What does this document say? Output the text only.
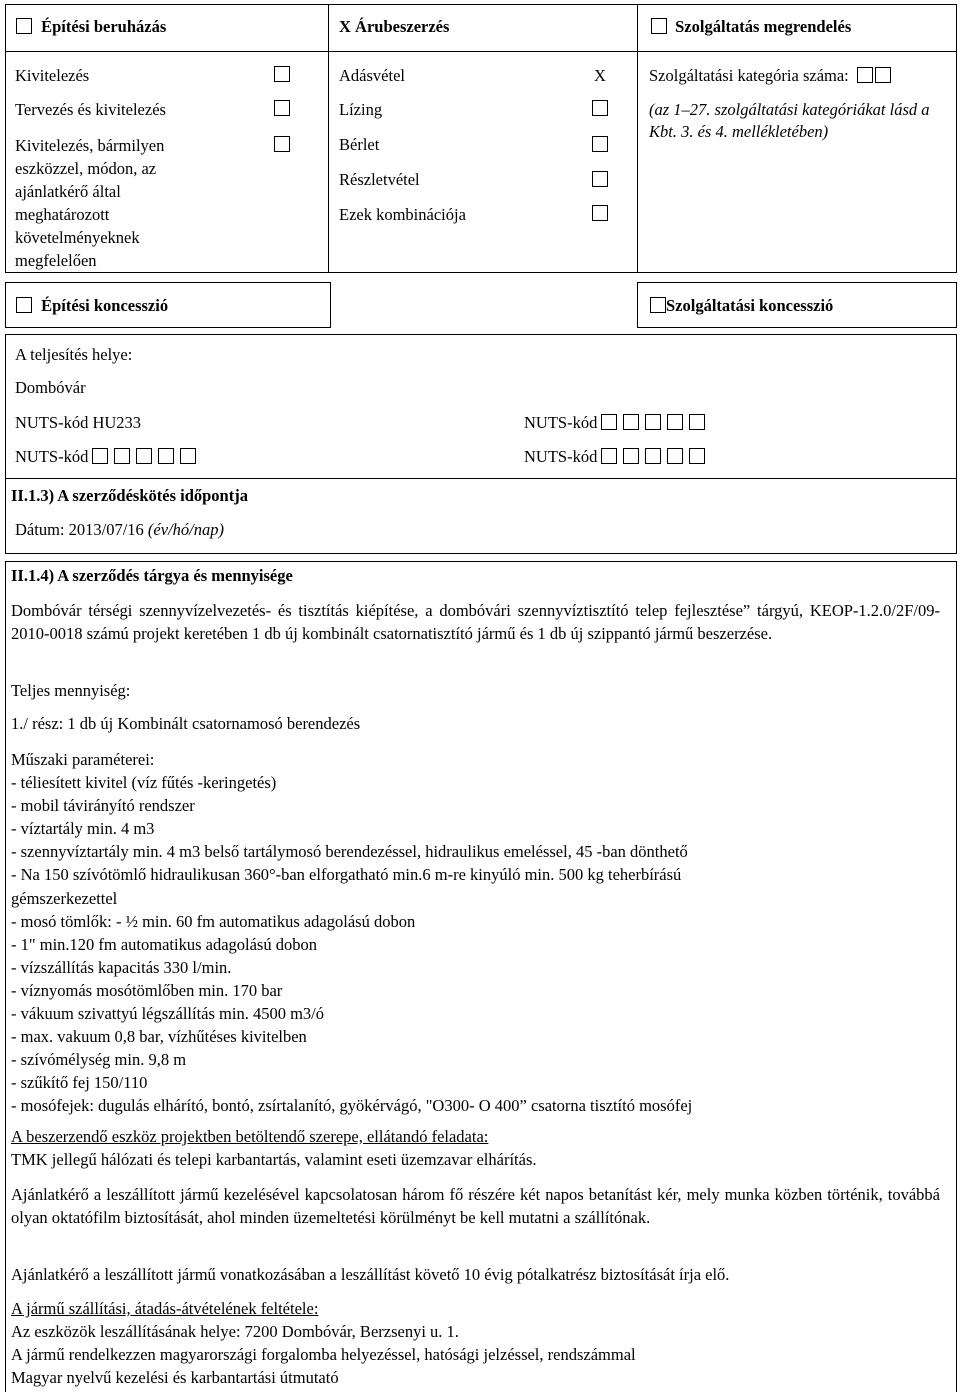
Építési beruházás	X Árubeszerzés	Szolgáltatás megrendelés
Kivitelezés
Tervezés és kivitelezés
Kivitelezés, bármilyen eszközzel, módon, az ajánlatkérő által meghatározott követelményeknek megfelelően
Adásvétel	X
Lízing
Bérlet
Részletvétel
Ezek kombinációja
Szolgáltatási kategória száma:
(az 1–27. szolgáltatási kategóriákat lásd a Kbt. 3. és 4. mellékletében)
Építési koncesszió	Szolgáltatási koncesszió
A teljesítés helye:
Dombóvár
NUTS-kód HU233
NUTS-kód
NUTS-kód
NUTS-kód
II.1.3) A szerződéskötés időpontja
Dátum: 2013/07/16 (év/hó/nap)
II.1.4) A szerződés tárgya és mennyisége
Dombóvár térségi szennyvízelvezetés- és tisztítás kiépítése, a dombóvári szennyvíztisztító telep fejlesztése” tárgyú, KEOP-1.2.0/2F/09-2010-0018 számú projekt keretében 1 db új kombinált csatornatisztító jármű és 1 db új szippantó jármű beszerzése.
Teljes mennyiség:
1./ rész: 1 db új Kombinált csatornamosó berendezés
Műszaki paraméterei:
- téliesített kivitel (víz fűtés -keringetés)
- mobil távirányító rendszer
- víztartály min. 4 m3
- szennyvíztartály min. 4 m3 belső tartálymosó berendezéssel, hidraulikus emeléssel, 45 -ban dönthető
- Na 150 szívótömlő hidraulikusan 360°-ban elforgatható min.6 m-re kinyúló min. 500 kg teherbírású
gémszerkezettel
- mosó tömlők: - ½ min. 60 fm automatikus adagolású dobon
- 1" min.120 fm automatikus adagolású dobon
- vízszállítás kapacitás 330 l/min.
- víznyomás mosótömlőben min. 170 bar
- vákuum szivattyú légszállítás min. 4500 m3/ó
- max. vakuum 0,8 bar, vízhűtéses kivitelben
- szívómélység min. 9,8 m
- szűkítő fej 150/110
- mosófejek: dugulás elhárító, bontó, zsírtalanító, gyökérvágó, "O300- O 400” csatorna tisztító mosófej
A beszerzendő eszköz projektben betöltendő szerepe, ellátandó feladata:
TMK jellegű hálózati és telepi karbantartás, valamint eseti üzemzavar elhárítás.
Ajánlatkérő a leszállított jármű kezelésével kapcsolatosan három fő részére két napos betanítást kér, mely munka közben történik, továbbá olyan oktatófilm biztosítását, ahol minden üzemeltetési körülményt be kell mutatni a szállítónak.
Ajánlatkérő a leszállított jármű vonatkozásában a leszállítást követő 10 évig pótalkatrész biztosítását írja elő.
A jármű szállítási, átadás-átvételének feltétele:
Az eszközök leszállításának helye: 7200 Dombóvár, Berzsenyi u. 1.
A jármű rendelkezzen magyarországi forgalomba helyezéssel, hatósági jelzéssel, rendszámmal
Magyar nyelvű kezelési és karbantartási útmutató
